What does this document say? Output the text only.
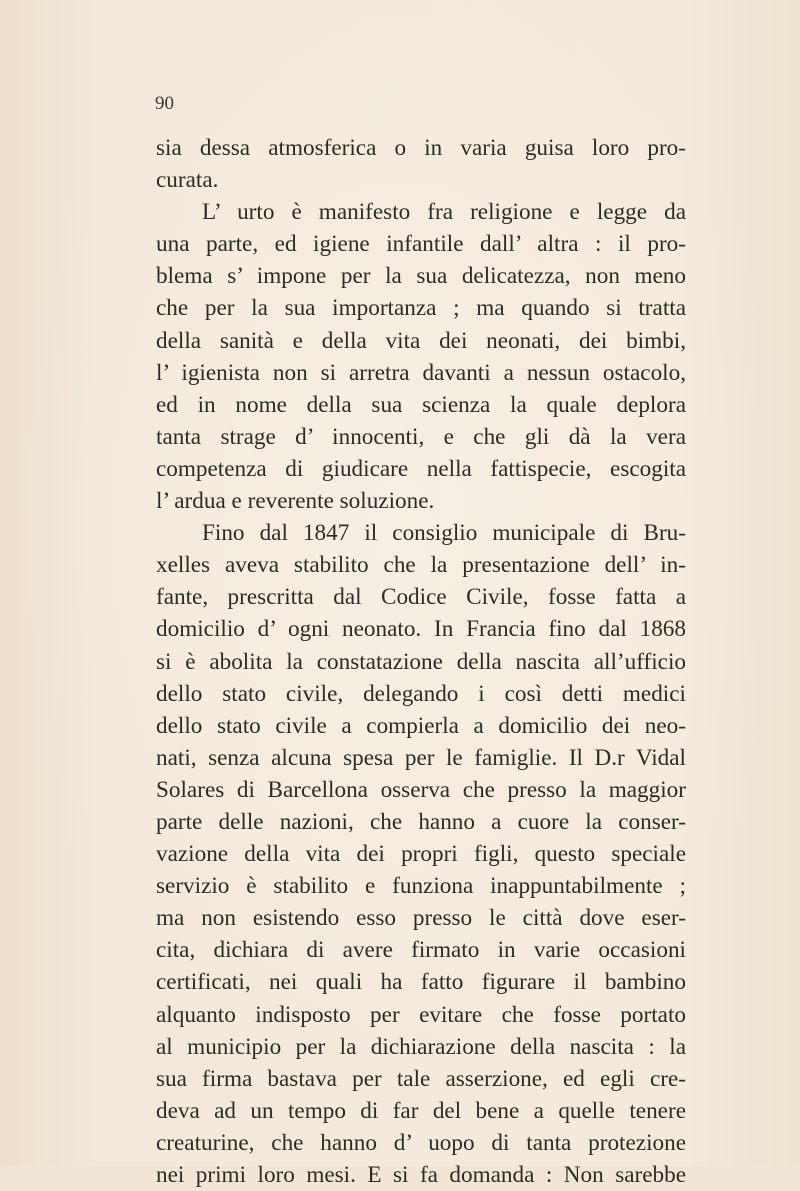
90
sia dessa atmosferica o in varia guisa loro pro-
curata.
L’ urto è manifesto fra religione e legge da
una parte, ed igiene infantile dall’ altra : il pro-
blema s’ impone per la sua delicatezza, non meno
che per la sua importanza ; ma quando si tratta
della sanità e della vita dei neonati, dei bimbi,
l’ igienista non si arretra davanti a nessun ostacolo,
ed in nome della sua scienza la quale deplora
tanta strage d’ innocenti, e che gli dà la vera
competenza di giudicare nella fattispecie, escogita
l’ ardua e reverente soluzione.
Fino dal 1847 il consiglio municipale di Bru-
xelles aveva stabilito che la presentazione dell’ in-
fante, prescritta dal Codice Civile, fosse fatta a
domicilio d’ ogni neonato. In Francia fino dal 1868
si è abolita la constatazione della nascita all’ufficio
dello stato civile, delegando i così detti medici
dello stato civile a compierla a domicilio dei neo-
nati, senza alcuna spesa per le famiglie. Il D.r Vidal
Solares di Barcellona osserva che presso la maggior
parte delle nazioni, che hanno a cuore la conser-
vazione della vita dei propri figli, questo speciale
servizio è stabilito e funziona inappuntabilmente ;
ma non esistendo esso presso le città dove eser-
cita, dichiara di avere firmato in varie occasioni
certificati, nei quali ha fatto figurare il bambino
alquanto indisposto per evitare che fosse portato
al municipio per la dichiarazione della nascita : la
sua firma bastava per tale asserzione, ed egli cre-
deva ad un tempo di far del bene a quelle tenere
creaturine, che hanno d’ uopo di tanta protezione
nei primi loro mesi. E si fa domanda : Non sarebbe
